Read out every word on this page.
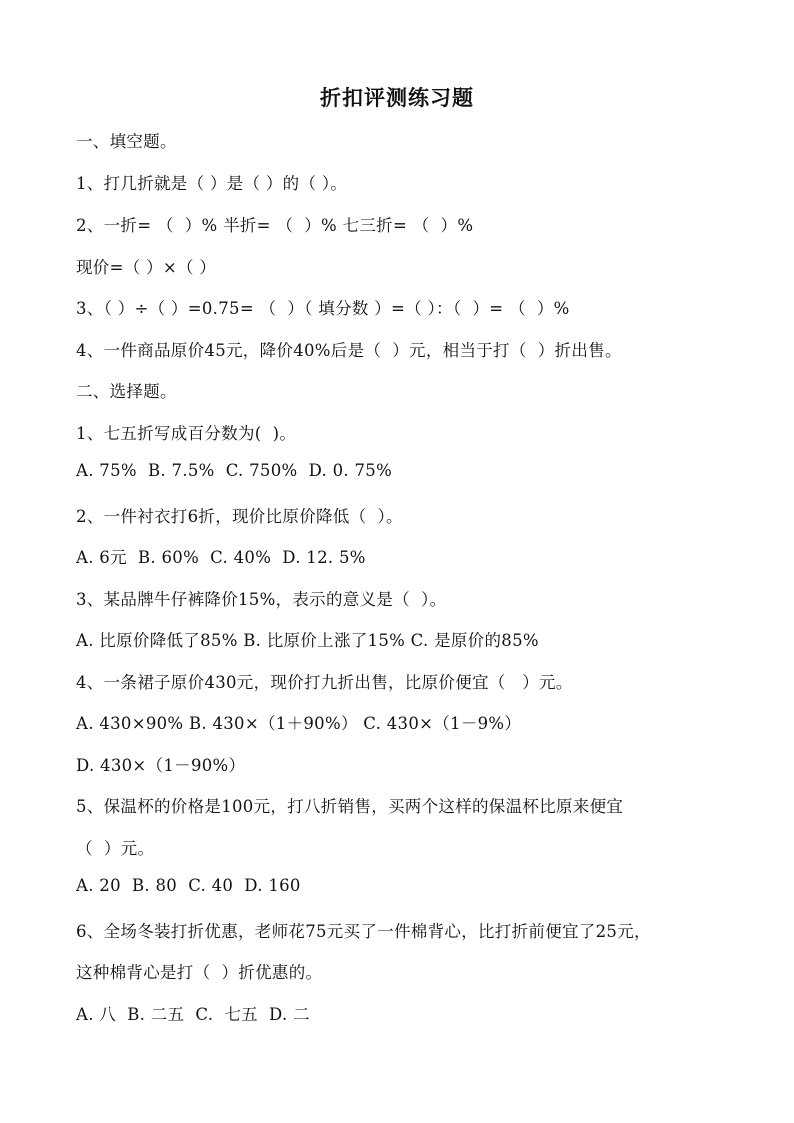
折扣评测练习题
一、填空题。
1、打几折就是（ ）是（ ）的（ ）。
2、一折= （  ）% 半折= （  ）% 七三折= （  ）%
现价=（ ）×（ ）
3、（ ）÷（ ）=0.75= （  ）（ 填分数 ）=（ ）：（  ）= （  ）%
4、一件商品原价45元，降价40%后是（  ）元，相当于打（  ）折出售。
二、选择题。
1、七五折写成百分数为(  )。
A. 75%  B. 7.5%  C. 750%  D. 0. 75%
2、一件衬衣打6折，现价比原价降低（  ）。
A. 6元  B. 60%  C. 40%  D. 12. 5%
3、某品牌牛仔裤降价15%，表示的意义是（  ）。
A. 比原价降低了85% B. 比原价上涨了15% C. 是原价的85%
4、一条裙子原价430元，现价打九折出售，比原价便宜（   ）元。
A. 430×90% B. 430×（1＋90%） C. 430×（1－9%）
D. 430×（1－90%）
5、保温杯的价格是100元，打八折销售，买两个这样的保温杯比原来便宜
（  ）元。
A. 20  B. 80  C. 40  D. 160
6、全场冬装打折优惠，老师花75元买了一件棉背心，比打折前便宜了25元，
这种棉背心是打（  ）折优惠的。
A. 八  B. 二五  C.  七五  D. 二
